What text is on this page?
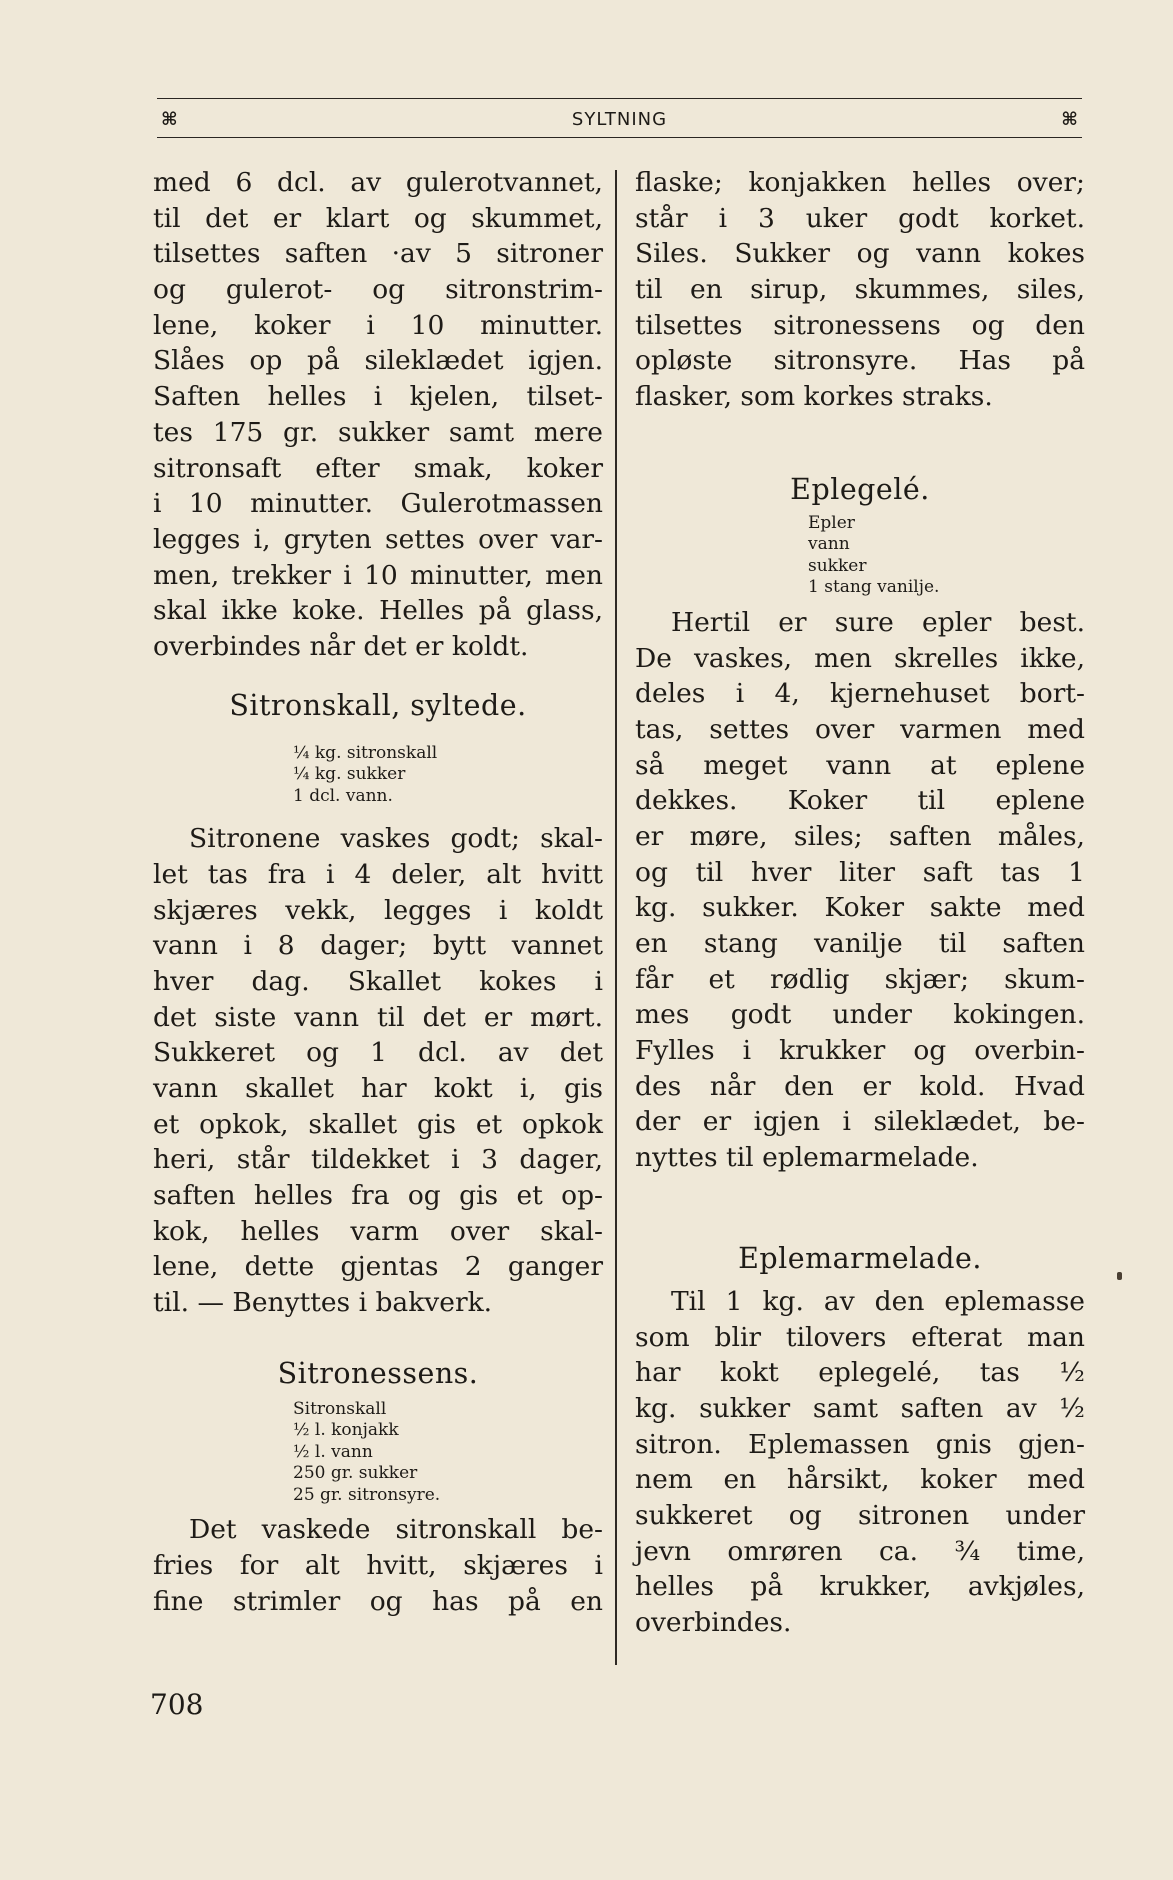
⌘	SYLTNING	⌘
med 6 dcl. av gulerotvannet,
til det er klart og skummet,
tilsettes saften ·av 5 sitroner
og gulerot- og sitronstrim-
lene, koker i 10 minutter.
Slåes op på sileklædet igjen.
Saften helles i kjelen, tilset-
tes 175 gr. sukker samt mere
sitronsaft efter smak, koker
i 10 minutter. Gulerotmassen
legges i, gryten settes over var-
men, trekker i 10 minutter, men
skal ikke koke. Helles på glass,
overbindes når det er koldt.
Sitronskall, syltede.
¼ kg. sitronskall
¼ kg. sukker
1 dcl. vann.
Sitronene vaskes godt; skal-
let tas fra i 4 deler, alt hvitt
skjæres vekk, legges i koldt
vann i 8 dager; bytt vannet
hver dag. Skallet kokes i
det siste vann til det er mørt.
Sukkeret og 1 dcl. av det
vann skallet har kokt i, gis
et opkok, skallet gis et opkok
heri, står tildekket i 3 dager,
saften helles fra og gis et op-
kok, helles varm over skal-
lene, dette gjentas 2 ganger
til. — Benyttes i bakverk.
Sitronessens.
Sitronskall
½ l. konjakk
½ l. vann
250 gr. sukker
25 gr. sitronsyre.
Det vaskede sitronskall be-
fries for alt hvitt, skjæres i
fine strimler og has på en
flaske; konjakken helles over;
står i 3 uker godt korket.
Siles. Sukker og vann kokes
til en sirup, skummes, siles,
tilsettes sitronessens og den
opløste sitronsyre. Has på
flasker, som korkes straks.
Eplegelé.
Epler
vann
sukker
1 stang vanilje.
Hertil er sure epler best.
De vaskes, men skrelles ikke,
deles i 4, kjernehuset bort-
tas, settes over varmen med
så meget vann at eplene
dekkes. Koker til eplene
er møre, siles; saften måles,
og til hver liter saft tas 1
kg. sukker. Koker sakte med
en stang vanilje til saften
får et rødlig skjær; skum-
mes godt under kokingen.
Fylles i krukker og overbin-
des når den er kold. Hvad
der er igjen i sileklædet, be-
nyttes til eplemarmelade.
Eplemarmelade.
Til 1 kg. av den eplemasse
som blir tilovers efterat man
har kokt eplegelé, tas ½
kg. sukker samt saften av ½
sitron. Eplemassen gnis gjen-
nem en hårsikt, koker med
sukkeret og sitronen under
jevn omrøren ca. ¾ time,
helles på krukker, avkjøles,
overbindes.
708
